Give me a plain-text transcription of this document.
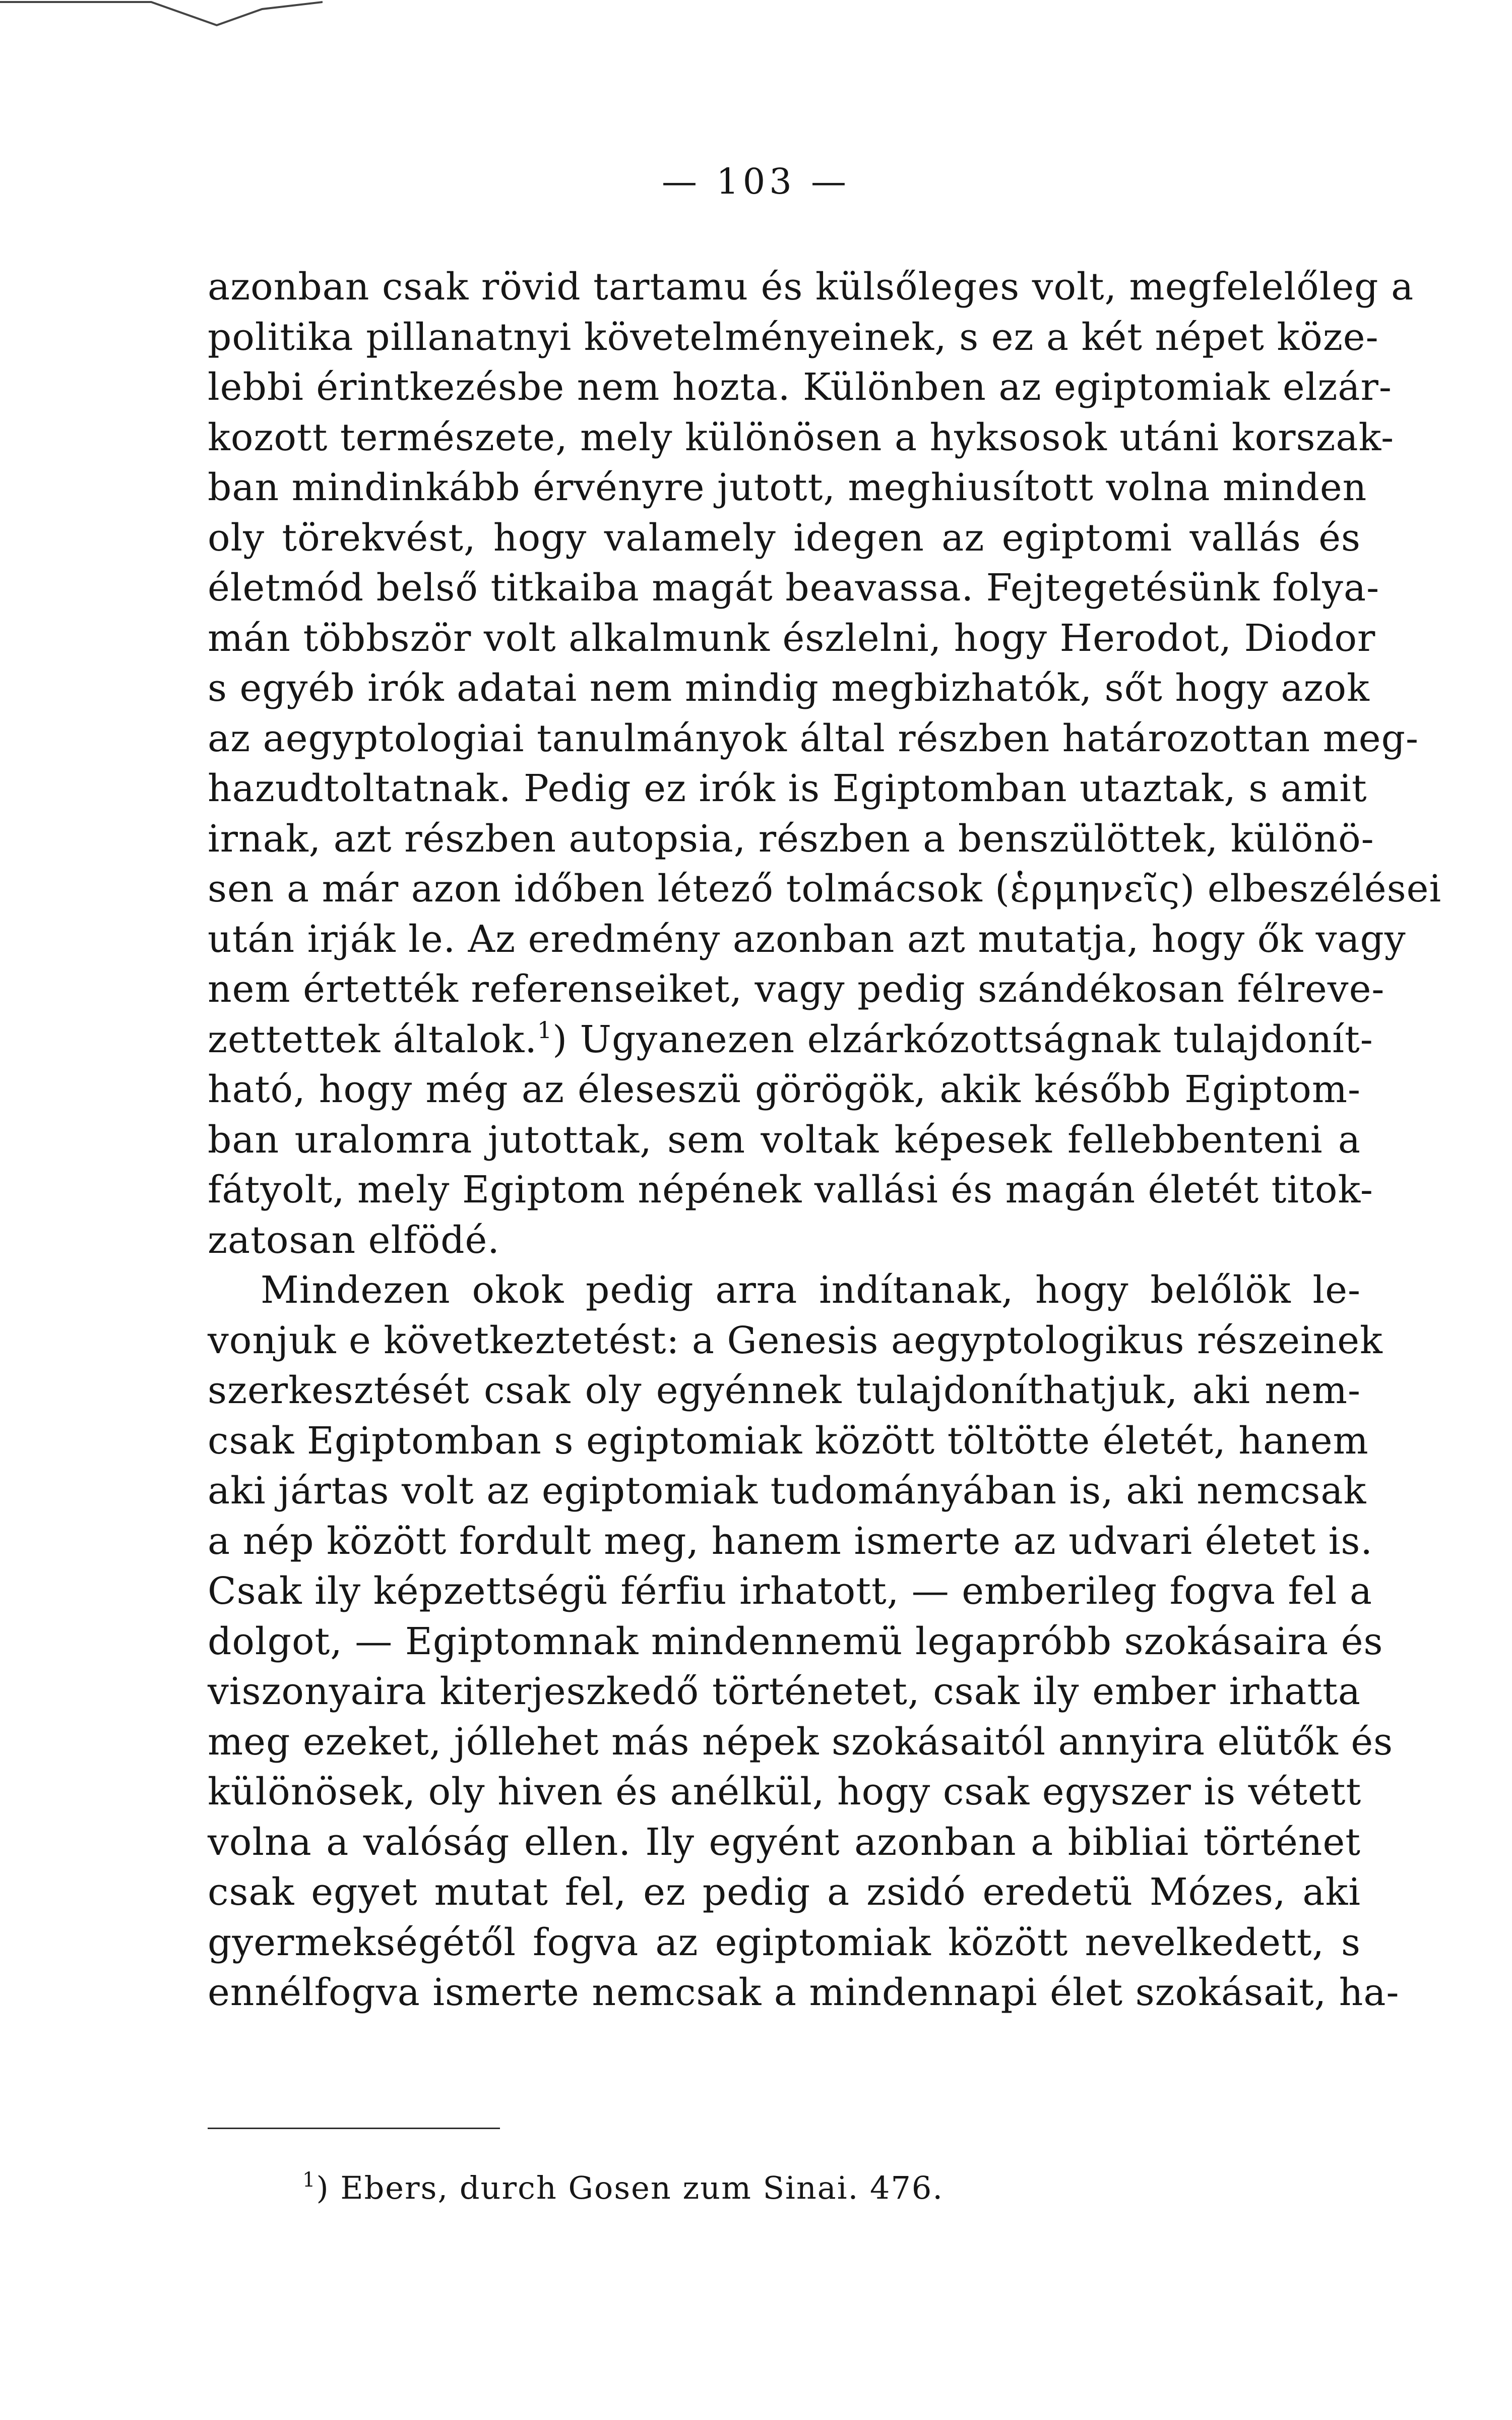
— 103 —
azonban csak rövid tartamu és külsőleges volt, megfelelőleg a
politika pillanatnyi követelményeinek, s ez a két népet köze-
lebbi érintkezésbe nem hozta. Különben az egiptomiak elzár-
kozott természete, mely különösen a hyksosok utáni korszak-
ban mindinkább érvényre jutott, meghiusított volna minden
oly törekvést, hogy valamely idegen az egiptomi vallás és
életmód belső titkaiba magát beavassa. Fejtegetésünk folya-
mán többször volt alkalmunk észlelni, hogy Herodot, Diodor
s egyéb irók adatai nem mindig megbizhatók, sőt hogy azok
az aegyptologiai tanulmányok által részben határozottan meg-
hazudtoltatnak. Pedig ez irók is Egiptomban utaztak, s amit
irnak, azt részben autopsia, részben a benszülöttek, különö-
sen a már azon időben létező tolmácsok (ἑρμηνεῖς) elbeszélései
után irják le. Az eredmény azonban azt mutatja, hogy ők vagy
nem értették referenseiket, vagy pedig szándékosan félreve-
zettettek általok.$^1$) Ugyanezen elzárkózottságnak tulajdonít-
ható, hogy még az éleseszü görögök, akik később Egiptom-
ban uralomra jutottak, sem voltak képesek fellebbenteni a
fátyolt, mely Egiptom népének vallási és magán életét titok-
zatosan elfödé.
Mindezen okok pedig arra indítanak, hogy belőlök le-
vonjuk e következtetést: a Genesis aegyptologikus részeinek
szerkesztését csak oly egyénnek tulajdoníthatjuk, aki nem-
csak Egiptomban s egiptomiak között töltötte életét, hanem
aki jártas volt az egiptomiak tudományában is, aki nemcsak
a nép között fordult meg, hanem ismerte az udvari életet is.
Csak ily képzettségü férfiu irhatott, — emberileg fogva fel a
dolgot, — Egiptomnak mindennemü legapróbb szokásaira és
viszonyaira kiterjeszkedő történetet, csak ily ember irhatta
meg ezeket, jóllehet más népek szokásaitól annyira elütők és
különösek, oly hiven és anélkül, hogy csak egyszer is vétett
volna a valóság ellen. Ily egyént azonban a bibliai történet
csak egyet mutat fel, ez pedig a zsidó eredetü Mózes, aki
gyermekségétől fogva az egiptomiak között nevelkedett, s
ennélfogva ismerte nemcsak a mindennapi élet szokásait, ha-
$^1$) Ebers, durch Gosen zum Sinai. 476.
